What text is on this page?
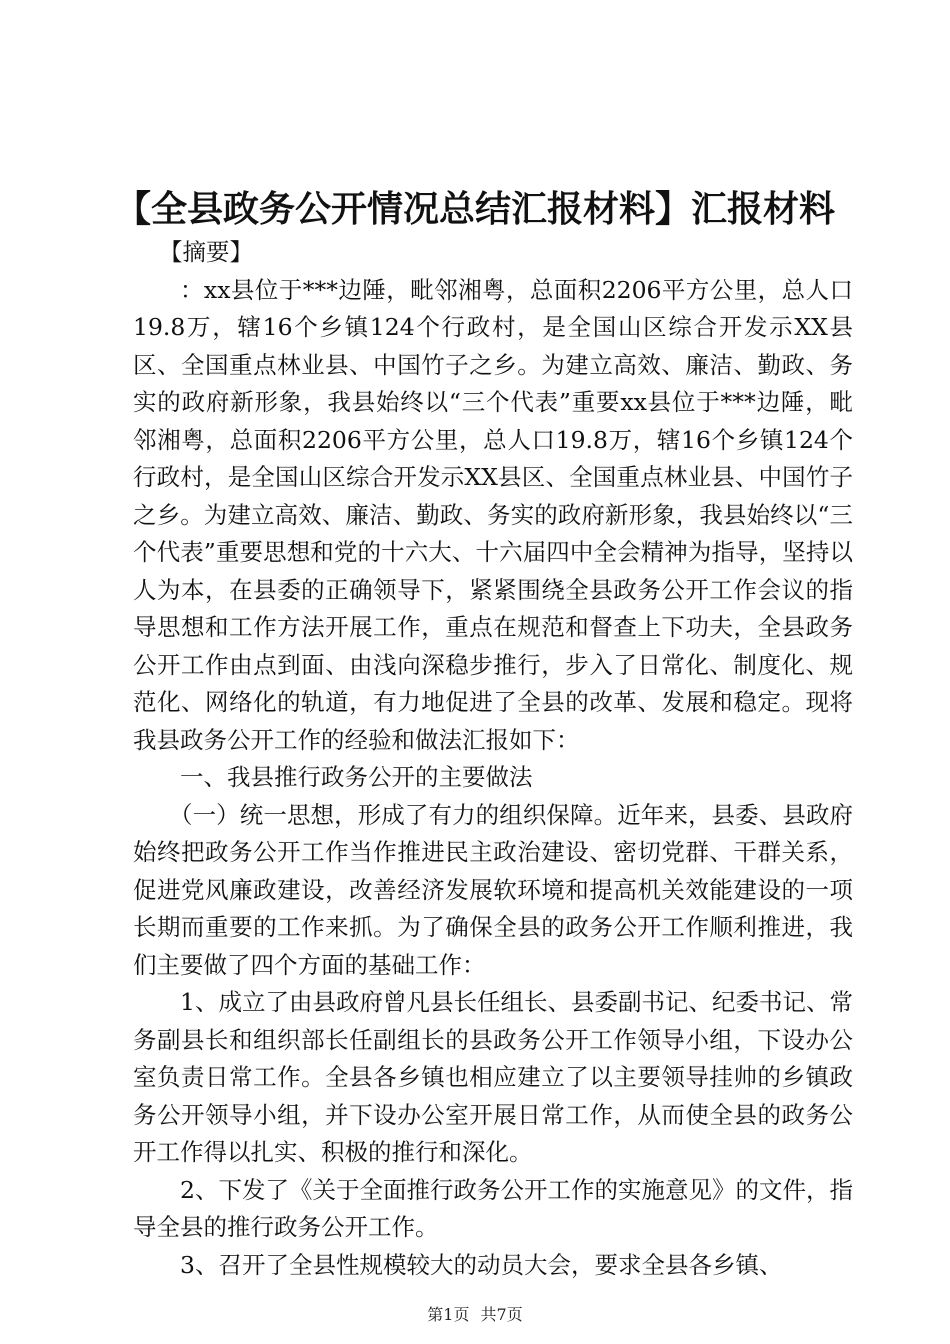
【全县政务公开情况总结汇报材料】汇报材料

【摘要】

：xx县位于***边陲，毗邻湘粤，总面积2206平方公里，总人口19.8万，辖16个乡镇124个行政村，是全国山区综合开发示XX县区、全国重点林业县、中国竹子之乡。为建立高效、廉洁、勤政、务实的政府新形象，我县始终以“三个代表”重要xx县位于***边陲，毗邻湘粤，总面积2206平方公里，总人口19.8万，辖16个乡镇124个行政村，是全国山区综合开发示XX县区、全国重点林业县、中国竹子之乡。为建立高效、廉洁、勤政、务实的政府新形象，我县始终以“三个代表”重要思想和党的十六大、十六届四中全会精神为指导，坚持以人为本，在县委的正确领导下，紧紧围绕全县政务公开工作会议的指导思想和工作方法开展工作，重点在规范和督查上下功夫，全县政务公开工作由点到面、由浅向深稳步推行，步入了日常化、制度化、规范化、网络化的轨道，有力地促进了全县的改革、发展和稳定。现将我县政务公开工作的经验和做法汇报如下：

一、我县推行政务公开的主要做法

（一）统一思想，形成了有力的组织保障。近年来，县委、县政府始终把政务公开工作当作推进民主政治建设、密切党群、干群关系，促进党风廉政建设，改善经济发展软环境和提高机关效能建设的一项长期而重要的工作来抓。为了确保全县的政务公开工作顺利推进，我们主要做了四个方面的基础工作：

1、成立了由县政府曾凡县长任组长、县委副书记、纪委书记、常务副县长和组织部长任副组长的县政务公开工作领导小组，下设办公室负责日常工作。全县各乡镇也相应建立了以主要领导挂帅的乡镇政务公开领导小组，并下设办公室开展日常工作，从而使全县的政务公开工作得以扎实、积极的推行和深化。

2、下发了《关于全面推行政务公开工作的实施意见》的文件，指导全县的推行政务公开工作。

3、召开了全县性规模较大的动员大会，要求全县各乡镇、

第1页 共7页
